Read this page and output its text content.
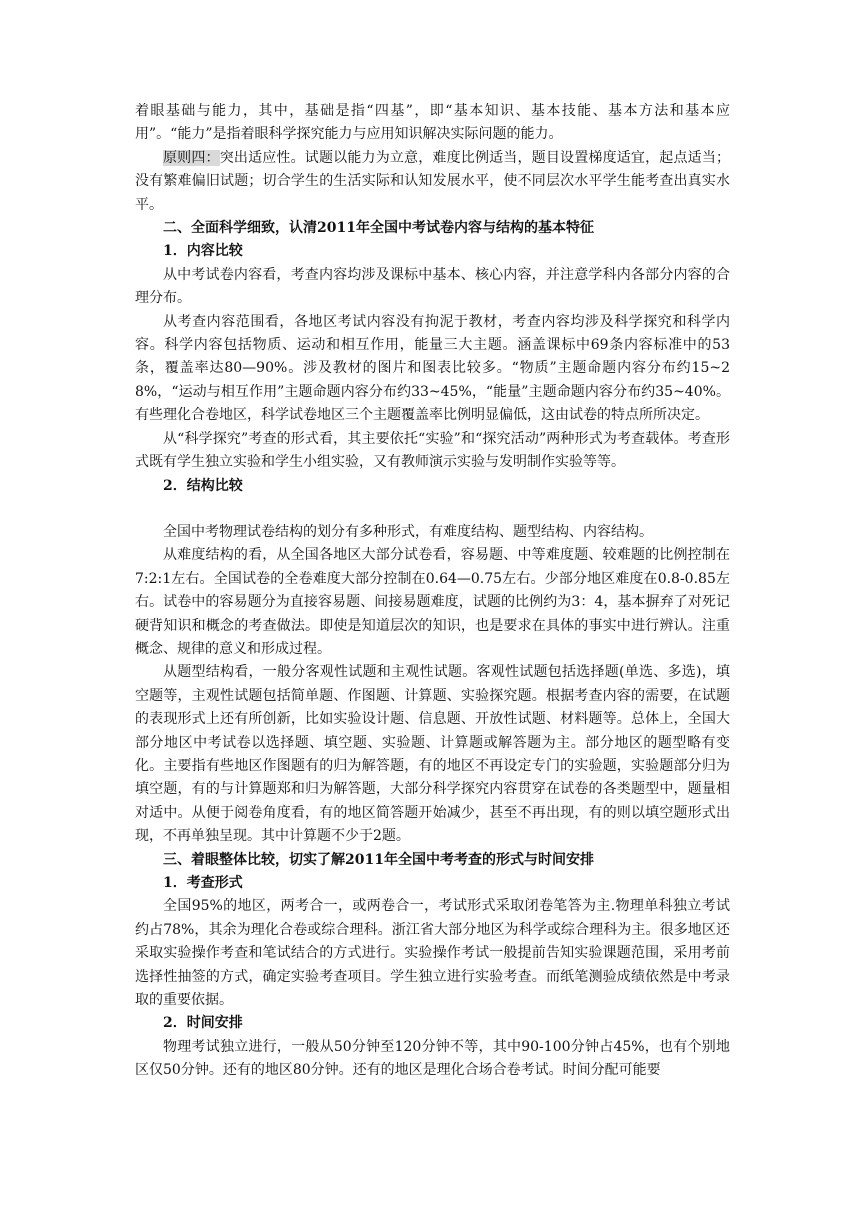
着眼基础与能力，其中，基础是指“四基”，即“基本知识、基本技能、基本方法和基本应用”。“能力”是指着眼科学探究能力与应用知识解决实际问题的能力。

原则四：突出适应性。试题以能力为立意，难度比例适当，题目设置梯度适宜，起点适当；没有繁难偏旧试题；切合学生的生活实际和认知发展水平，使不同层次水平学生能考查出真实水平。

二、全面科学细致，认清2011年全国中考试卷内容与结构的基本特征

1．内容比较

从中考试卷内容看，考查内容均涉及课标中基本、核心内容，并注意学科内各部分内容的合理分布。

从考查内容范围看，各地区考试内容没有拘泥于教材，考查内容均涉及科学探究和科学内容。科学内容包括物质、运动和相互作用，能量三大主题。涵盖课标中69条内容标准中的53条，覆盖率达80—90%。涉及教材的图片和图表比较多。“物质”主题命题内容分布约15~28%，“运动与相互作用”主题命题内容分布约33~45%，“能量”主题命题内容分布约35~40%。有些理化合卷地区，科学试卷地区三个主题覆盖率比例明显偏低，这由试卷的特点所所决定。

从“科学探究”考查的形式看，其主要依托“实验”和“探究活动”两种形式为考查载体。考查形式既有学生独立实验和学生小组实验，又有教师演示实验与发明制作实验等等。

2．结构比较

全国中考物理试卷结构的划分有多种形式，有难度结构、题型结构、内容结构。

从难度结构的看，从全国各地区大部分试卷看，容易题、中等难度题、较难题的比例控制在7:2:1左右。全国试卷的全卷难度大部分控制在0.64—0.75左右。少部分地区难度在0.8-0.85左右。试卷中的容易题分为直接容易题、间接易题难度，试题的比例约为3：4，基本摒弃了对死记硬背知识和概念的考查做法。即使是知道层次的知识，也是要求在具体的事实中进行辨认。注重概念、规律的意义和形成过程。

从题型结构看，一般分客观性试题和主观性试题。客观性试题包括选择题(单选、多选)，填空题等，主观性试题包括简单题、作图题、计算题、实验探究题。根据考查内容的需要，在试题的表现形式上还有所创新，比如实验设计题、信息题、开放性试题、材料题等。总体上，全国大部分地区中考试卷以选择题、填空题、实验题、计算题或解答题为主。部分地区的题型略有变化。主要指有些地区作图题有的归为解答题，有的地区不再设定专门的实验题，实验题部分归为填空题，有的与计算题郑和归为解答题，大部分科学探究内容贯穿在试卷的各类题型中，题量相对适中。从便于阅卷角度看，有的地区简答题开始减少，甚至不再出现，有的则以填空题形式出现，不再单独呈现。其中计算题不少于2题。

三、着眼整体比较，切实了解2011年全国中考考查的形式与时间安排

1．考查形式

全国95%的地区，两考合一，或两卷合一，考试形式采取闭卷笔答为主.物理单科独立考试约占78%，其余为理化合卷或综合理科。浙江省大部分地区为科学或综合理科为主。很多地区还采取实验操作考查和笔试结合的方式进行。实验操作考试一般提前告知实验课题范围，采用考前选择性抽签的方式，确定实验考查项目。学生独立进行实验考查。而纸笔测验成绩依然是中考录取的重要依据。

2．时间安排

物理考试独立进行，一般从50分钟至120分钟不等，其中90-100分钟占45%，也有个别地区仅50分钟。还有的地区80分钟。还有的地区是理化合场合卷考试。时间分配可能要
